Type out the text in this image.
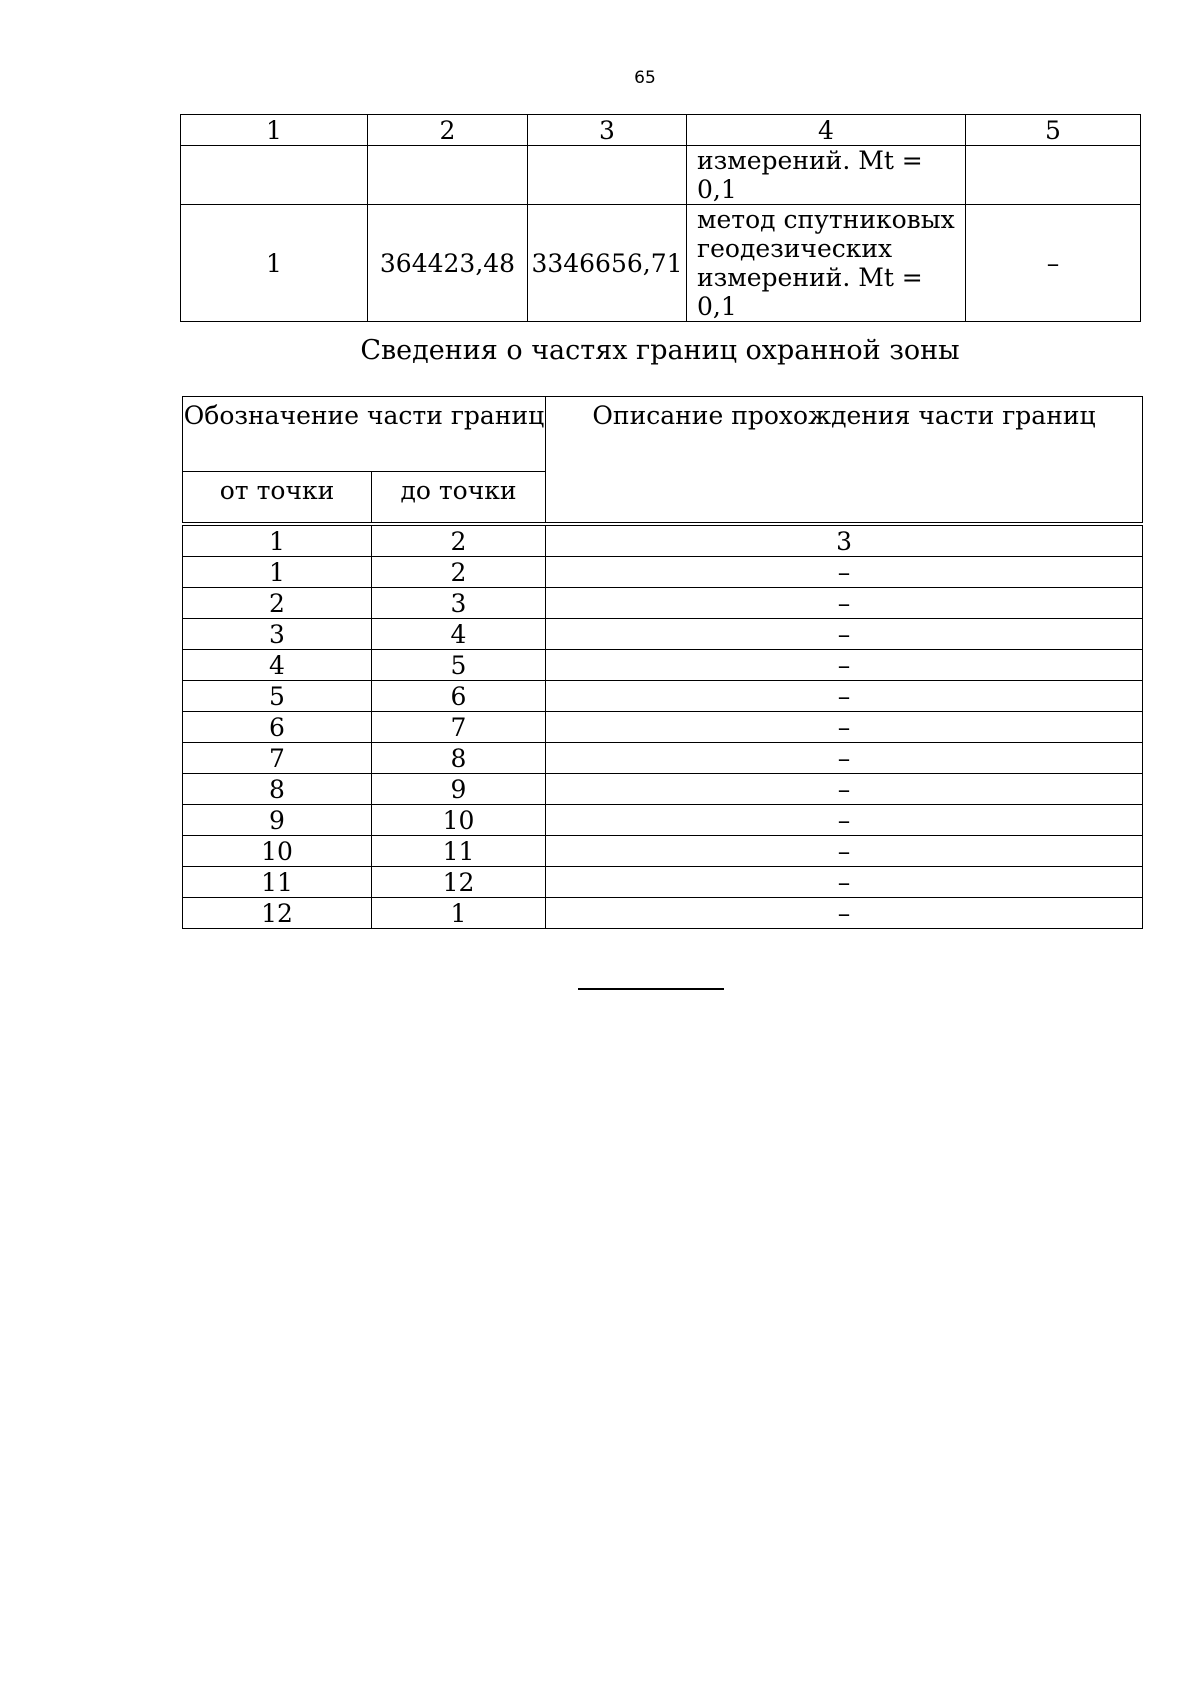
65
1	2	3	4	5
			измерений. Mt = 0,1	
1	364423,48	3346656,71	метод спутниковых
геодезических
измерений. Mt = 0,1	–
Сведения о частях границ охранной зоны
Обозначение части границ		Описание прохождения части границ
от точки	до точки	

1	2	3
1	2	–
2	3	–
3	4	–
4	5	–
5	6	–
6	7	–
7	8	–
8	9	–
9	10	–
10	11	–
11	12	–
12	1	–
